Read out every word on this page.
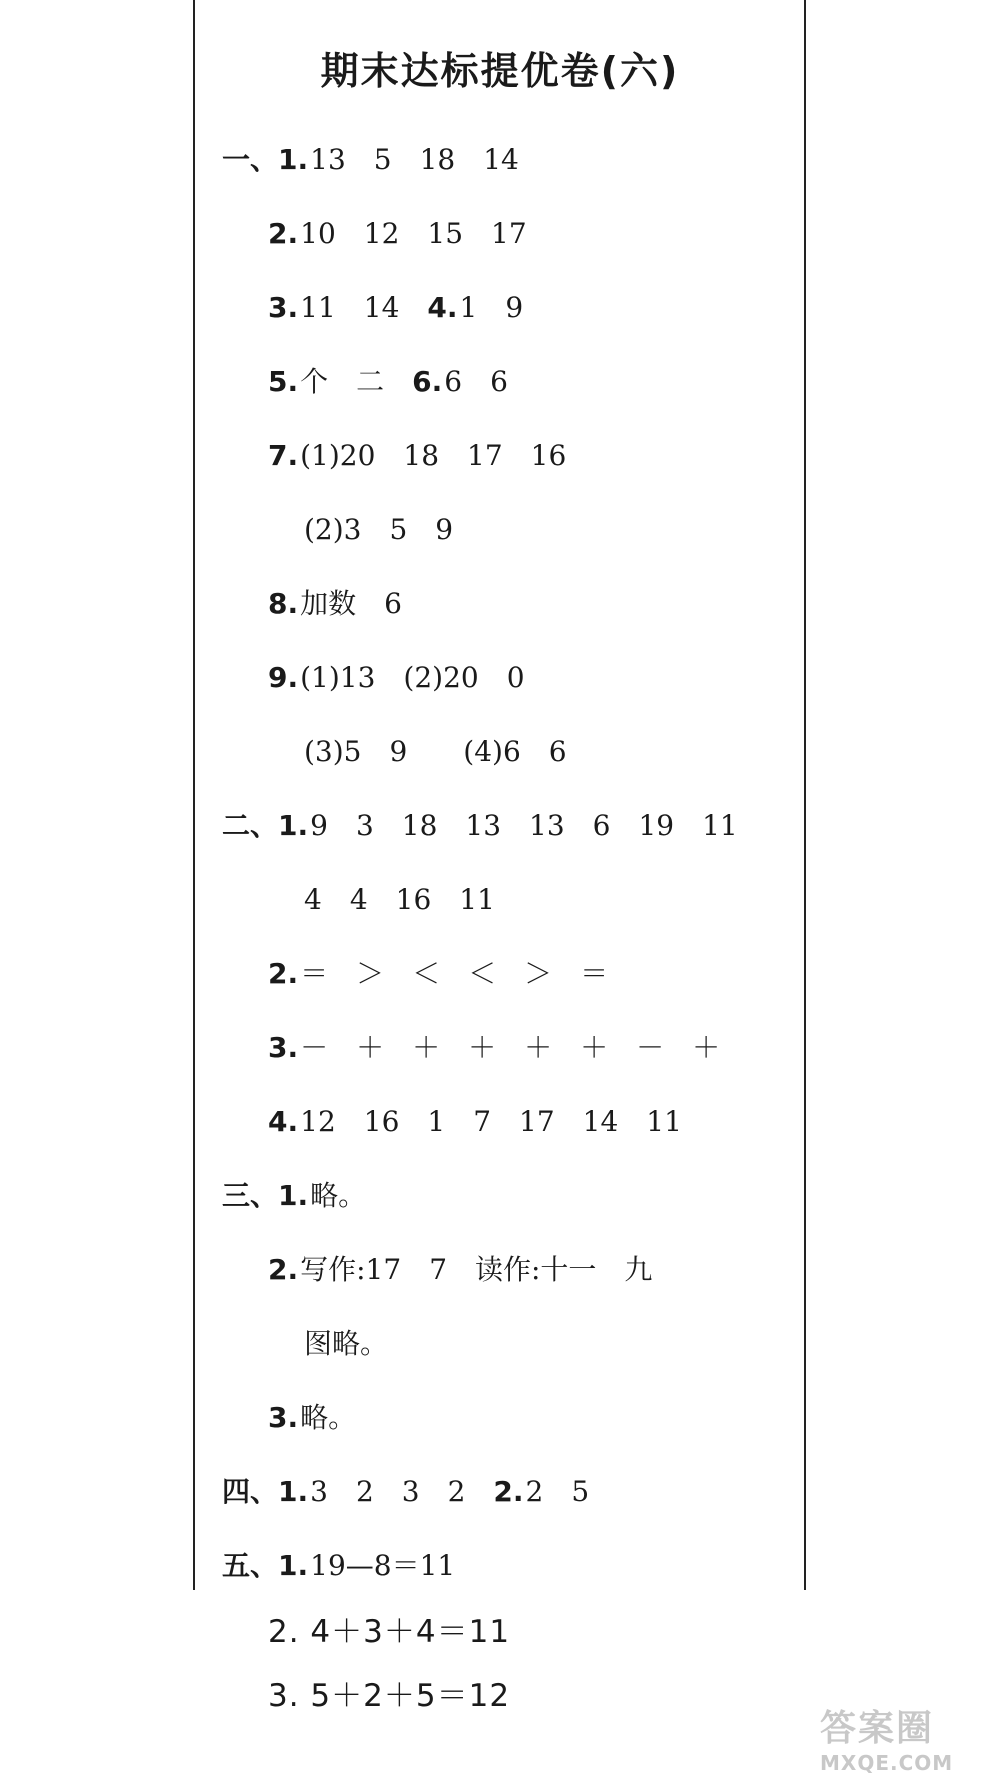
期末达标提优卷(六)
一、1.13　5　18　14
2.10　12　15　17
3.11　14 4.1　9
5.个　二 6.6　6
7.(1)20　18　17　16
(2)3　5　9
8.加数　6
9.(1)13　(2)20　0
(3)5　9　　(4)6　6
二、1.9　3　18　13　13　6　19　11
4　4　16　11
2.＝　＞　＜　＜　＞　＝
3.－　＋　＋　＋　＋　＋　－　＋
4.12　16　1　7　17　14　11
三、1.略。
2.写作:17　7　读作:十一　九
图略。
3.略。
四、1.3　2　3　2 2.2　5
五、1.19—8＝11
2. 4＋3＋4＝11
3. 5＋2＋5＝12
答案圈
MXQE.COM
